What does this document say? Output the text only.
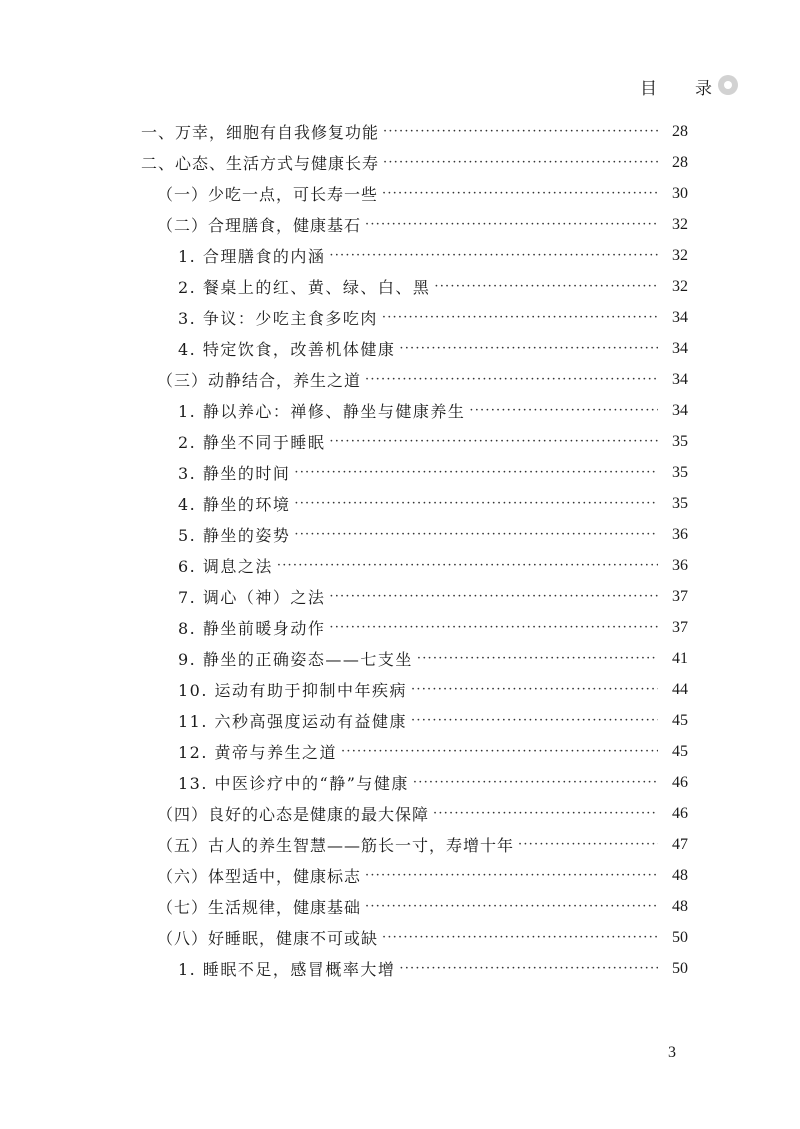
目 录
一、万幸，细胞有自我修复功能 ·····	28
二、心态、生活方式与健康长寿 ·····	28
（一）少吃一点，可长寿一些 ·····	30
（二）合理膳食，健康基石 ·····	32
1. 合理膳食的内涵 ·····	32
2. 餐桌上的红、黄、绿、白、黑 ·····	32
3. 争议：少吃主食多吃肉 ·····	34
4. 特定饮食，改善机体健康 ·····	34
（三）动静结合，养生之道 ·····	34
1. 静以养心：禅修、静坐与健康养生 ·····	34
2. 静坐不同于睡眠 ·····	35
3. 静坐的时间 ·····	35
4. 静坐的环境 ·····	35
5. 静坐的姿势 ·····	36
6. 调息之法 ·····	36
7. 调心（神）之法 ·····	37
8. 静坐前暖身动作 ·····	37
9. 静坐的正确姿态——七支坐 ·····	41
10. 运动有助于抑制中年疾病 ·····	44
11. 六秒高强度运动有益健康 ·····	45
12. 黄帝与养生之道 ·····	45
13. 中医诊疗中的“静”与健康 ·····	46
（四）良好的心态是健康的最大保障 ·····	46
（五）古人的养生智慧——筋长一寸，寿增十年 ·····	47
（六）体型适中，健康标志 ·····	48
（七）生活规律，健康基础 ·····	48
（八）好睡眠，健康不可或缺 ·····	50
1. 睡眠不足，感冒概率大增 ·····	50
3
